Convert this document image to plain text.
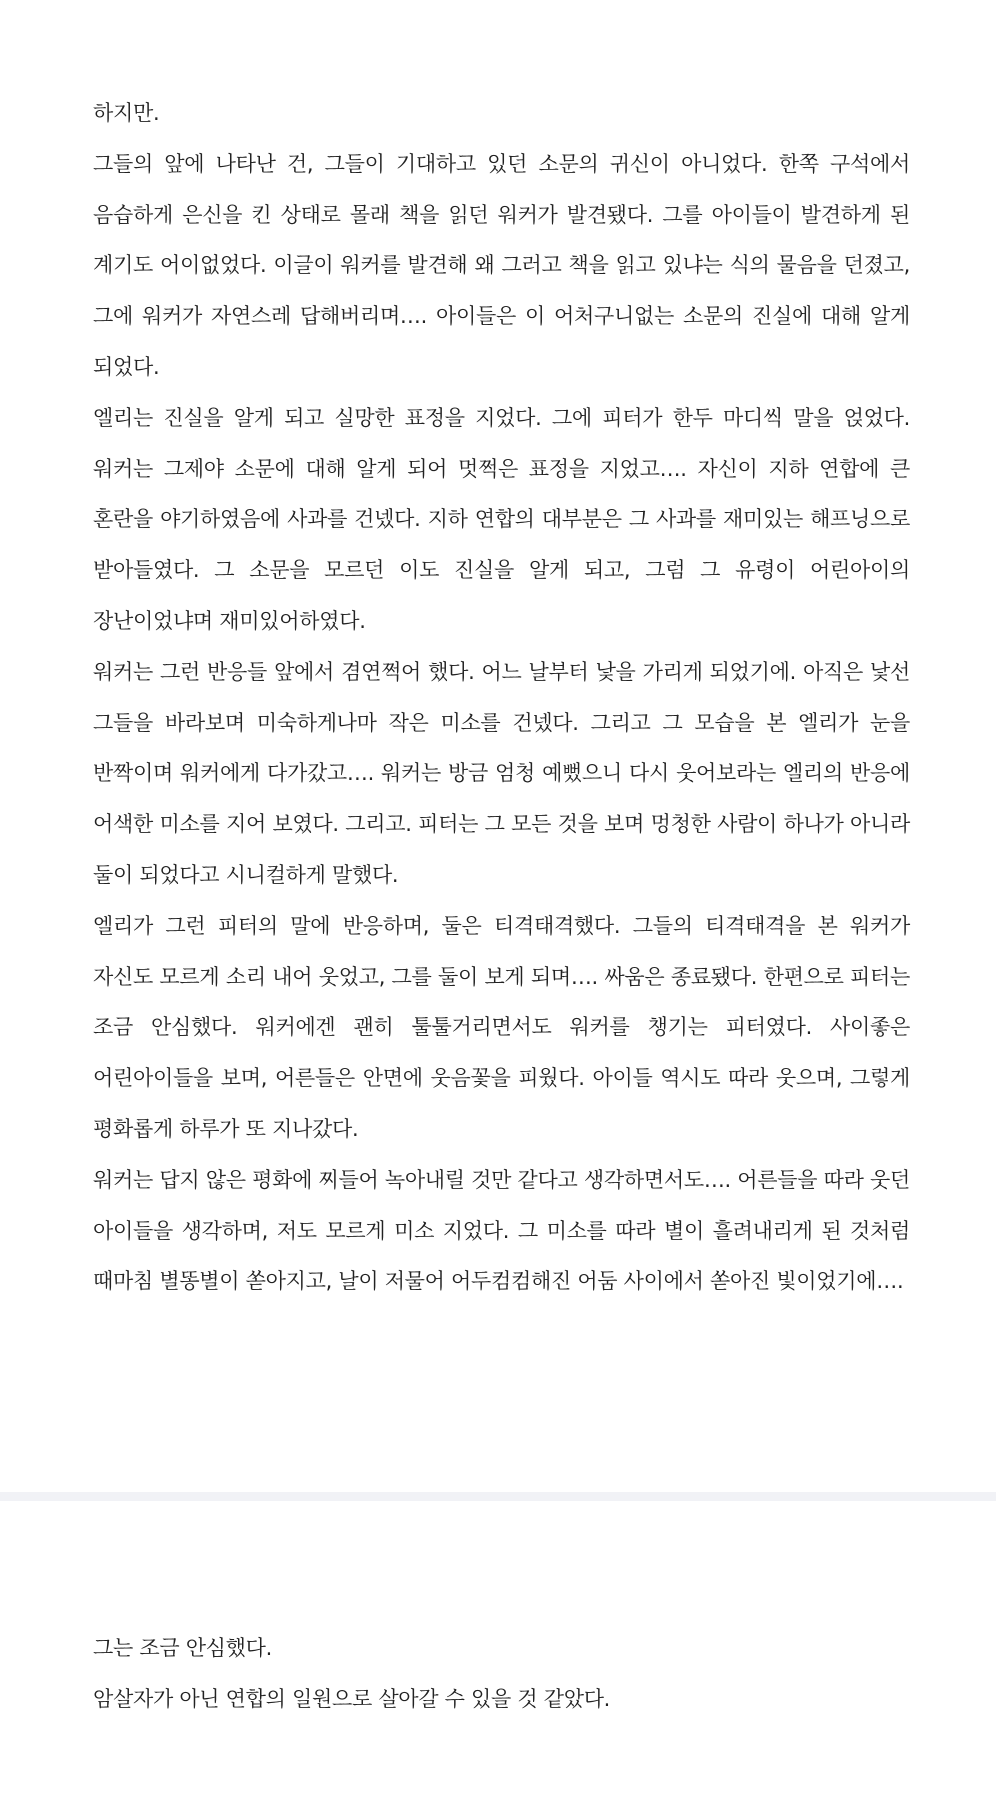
하지만.

그들의 앞에 나타난 건, 그들이 기대하고 있던 소문의 귀신이 아니었다. 한쪽 구석에서 음습하게 은신을 킨 상태로 몰래 책을 읽던 워커가 발견됐다. 그를 아이들이 발견하게 된 계기도 어이없었다. 이글이 워커를 발견해 왜 그러고 책을 읽고 있냐는 식의 물음을 던졌고, 그에 워커가 자연스레 답해버리며…. 아이들은 이 어처구니없는 소문의 진실에 대해 알게 되었다.

엘리는 진실을 알게 되고 실망한 표정을 지었다. 그에 피터가 한두 마디씩 말을 얹었다. 워커는 그제야 소문에 대해 알게 되어 멋쩍은 표정을 지었고…. 자신이 지하 연합에 큰 혼란을 야기하였음에 사과를 건넸다. 지하 연합의 대부분은 그 사과를 재미있는 해프닝으로 받아들였다. 그 소문을 모르던 이도 진실을 알게 되고, 그럼 그 유령이 어린아이의 장난이었냐며 재미있어하였다.

워커는 그런 반응들 앞에서 겸연쩍어 했다. 어느 날부터 낯을 가리게 되었기에. 아직은 낯선 그들을 바라보며 미숙하게나마 작은 미소를 건넸다. 그리고 그 모습을 본 엘리가 눈을 반짝이며 워커에게 다가갔고…. 워커는 방금 엄청 예뻤으니 다시 웃어보라는 엘리의 반응에 어색한 미소를 지어 보였다. 그리고. 피터는 그 모든 것을 보며 멍청한 사람이 하나가 아니라 둘이 되었다고 시니컬하게 말했다.

엘리가 그런 피터의 말에 반응하며, 둘은 티격태격했다. 그들의 티격태격을 본 워커가 자신도 모르게 소리 내어 웃었고, 그를 둘이 보게 되며…. 싸움은 종료됐다. 한편으로 피터는 조금 안심했다. 워커에겐 괜히 툴툴거리면서도 워커를 챙기는 피터였다. 사이좋은 어린아이들을 보며, 어른들은 안면에 웃음꽃을 피웠다. 아이들 역시도 따라 웃으며, 그렇게 평화롭게 하루가 또 지나갔다.

워커는 답지 않은 평화에 찌들어 녹아내릴 것만 같다고 생각하면서도…. 어른들을 따라 웃던 아이들을 생각하며, 저도 모르게 미소 지었다. 그 미소를 따라 별이 흘려내리게 된 것처럼 때마침 별똥별이 쏟아지고, 날이 저물어 어두컴컴해진 어둠 사이에서 쏟아진 빛이었기에….

그는 조금 안심했다.

암살자가 아닌 연합의 일원으로 살아갈 수 있을 것 같았다.
